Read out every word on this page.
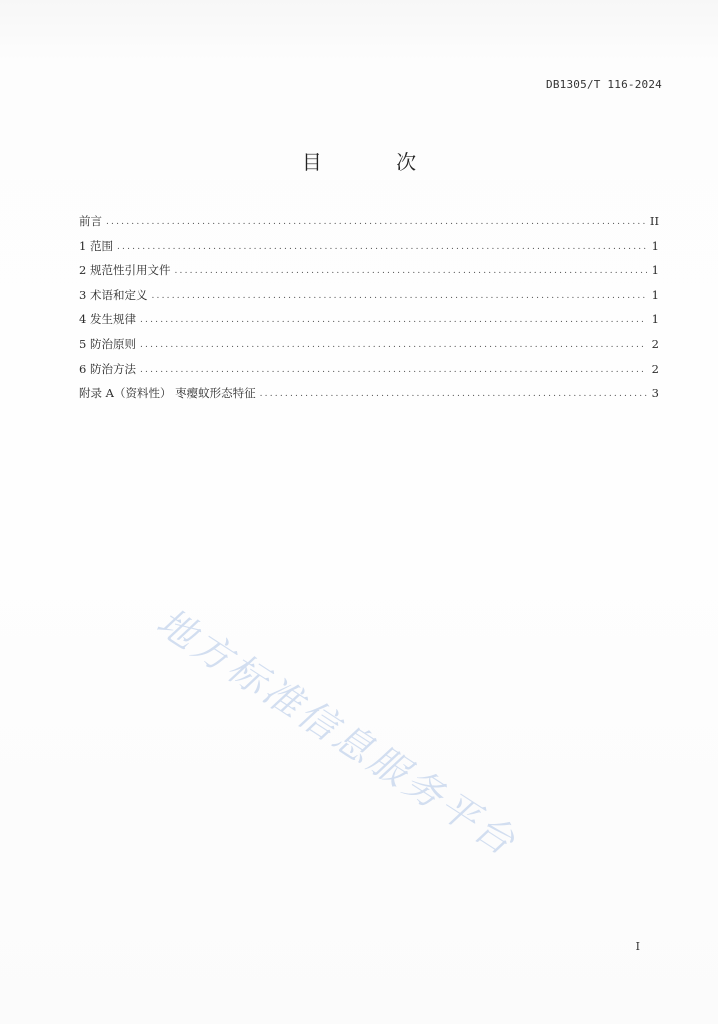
DB1305/T 116-2024
目 次
前言 .....	II
1 范围 .....	1
2 规范性引用文件 .....	1
3 术语和定义 .....	1
4 发生规律 .....	1
5 防治原则 .....	2
6 防治方法 .....	2
附录 A（资料性） 枣瘿蚊形态特征 .....	3
地方标准信息服务平台
I
